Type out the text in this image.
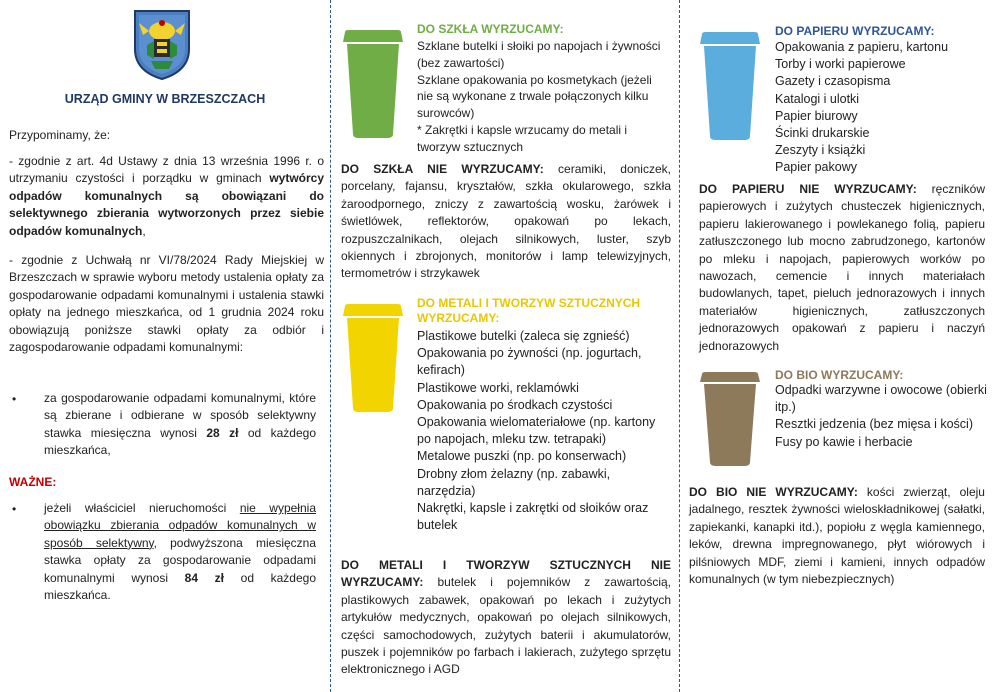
URZĄD GMINY W BRZESZCZACH
Przypominamy, że:
- zgodnie z art. 4d Ustawy z dnia 13 września 1996 r. o utrzymaniu czystości i porządku w gminach wytwórcy odpadów komunalnych są obowiązani do selektywnego zbierania wytworzonych przez siebie odpadów komunalnych,
- zgodnie z Uchwałą nr VI/78/2024 Rady Miejskiej w Brzeszczach w sprawie wyboru metody ustalenia opłaty za gospodarowanie odpadami komunalnymi i ustalenia stawki opłaty na jednego mieszkańca, od 1 grudnia 2024 roku obowiązują poniższe stawki opłaty za odbiór i zagospodarowanie odpadami komunalnymi:
• za gospodarowanie odpadami komunalnymi, które są zbierane i odbierane w sposób selektywny stawka miesięczna wynosi 28 zł od każdego mieszkańca,
WAŻNE:
• jeżeli właściciel nieruchomości nie wypełnia obowiązku zbierania odpadów komunalnych w sposób selektywny, podwyższona miesięczna stawka opłaty za gospodarowanie odpadami komunalnymi wynosi 84 zł od każdego mieszkańca.
DO SZKŁA WYRZUCAMY:
Szklane butelki i słoiki po napojach i żywności (bez zawartości)
Szklane opakowania po kosmetykach (jeżeli nie są wykonane z trwale połączonych kilku surowców)
* Zakrętki i kapsle wrzucamy do metali i tworzyw sztucznych
DO SZKŁA NIE WYRZUCAMY: ceramiki, doniczek, porcelany, fajansu, kryształów, szkła okularowego, szkła żaroodpornego, zniczy z zawartością wosku, żarówek i świetlówek, reflektorów, opakowań po lekach, rozpuszczalnikach, olejach silnikowych, luster, szyb okiennych i zbrojonych, monitorów i lamp telewizyjnych, termometrów i strzykawek
DO METALI I TWORZYW SZTUCZNYCH WYRZUCAMY:
Plastikowe butelki (zaleca się zgnieść)
Opakowania po żywności (np. jogurtach, kefirach)
Plastikowe worki, reklamówki
Opakowania po środkach czystości
Opakowania wielomateriałowe (np. kartony po napojach, mleku tzw. tetrapaki)
Metalowe puszki (np. po konserwach)
Drobny złom żelazny (np. zabawki, narzędzia)
Nakrętki, kapsle i zakrętki od słoików oraz butelek
DO METALI I TWORZYW SZTUCZNYCH NIE WYRZUCAMY: butelek i pojemników z zawartością, plastikowych zabawek, opakowań po lekach i zużytych artykułów medycznych, opakowań po olejach silnikowych, części samochodowych, zużytych baterii i akumulatorów, puszek i pojemników po farbach i lakierach, zużytego sprzętu elektronicznego i AGD
DO PAPIERU WYRZUCAMY:
Opakowania z papieru, kartonu
Torby i worki papierowe
Gazety i czasopisma
Katalogi i ulotki
Papier biurowy
Ścinki drukarskie
Zeszyty i książki
Papier pakowy
DO PAPIERU NIE WYRZUCAMY: ręczników papierowych i zużytych chusteczek higienicznych, papieru lakierowanego i powlekanego folią, papieru zatłuszczonego lub mocno zabrudzonego, kartonów po mleku i napojach, papierowych worków po nawozach, cemencie i innych materiałach budowlanych, tapet, pieluch jednorazowych i innych materiałów higienicznych, zatłuszczonych jednorazowych opakowań z papieru i naczyń jednorazowych
DO BIO WYRZUCAMY:
Odpadki warzywne i owocowe (obierki itp.)
Resztki jedzenia (bez mięsa i kości)
Fusy po kawie i herbacie
DO BIO NIE WYRZUCAMY: kości zwierząt, oleju jadalnego, resztek żywności wieloskładnikowej (sałatki, zapiekanki, kanapki itd.), popiołu z węgla kamiennego, leków, drewna impregnowanego, płyt wiórowych i pilśniowych MDF, ziemi i kamieni, innych odpadów komunalnych (w tym niebezpiecznych)
